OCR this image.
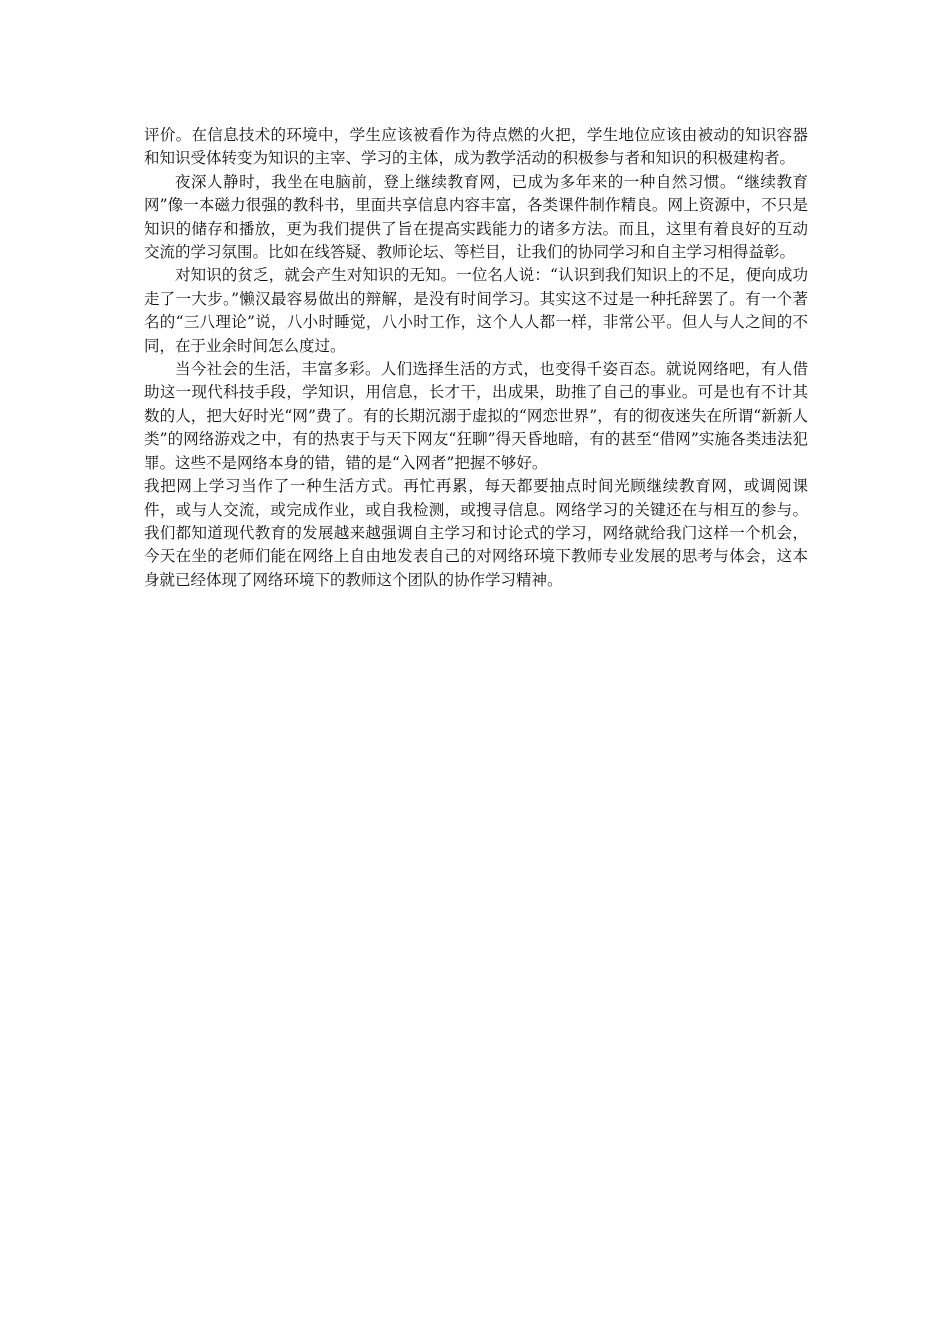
评价。在信息技术的环境中，学生应该被看作为待点燃的火把，学生地位应该由被动的知识容器和知识受体转变为知识的主宰、学习的主体，成为教学活动的积极参与者和知识的积极建构者。

夜深人静时，我坐在电脑前，登上继续教育网，已成为多年来的一种自然习惯。“继续教育网”像一本磁力很强的教科书，里面共享信息内容丰富，各类课件制作精良。网上资源中，不只是知识的储存和播放，更为我们提供了旨在提高实践能力的诸多方法。而且，这里有着良好的互动交流的学习氛围。比如在线答疑、教师论坛、等栏目，让我们的协同学习和自主学习相得益彰。

对知识的贫乏，就会产生对知识的无知。一位名人说：“认识到我们知识上的不足，便向成功走了一大步。”懒汉最容易做出的辩解，是没有时间学习。其实这不过是一种托辞罢了。有一个著名的“三八理论”说，八小时睡觉，八小时工作，这个人人都一样，非常公平。但人与人之间的不同，在于业余时间怎么度过。

当今社会的生活，丰富多彩。人们选择生活的方式，也变得千姿百态。就说网络吧，有人借助这一现代科技手段，学知识，用信息，长才干，出成果，助推了自己的事业。可是也有不计其数的人，把大好时光“网”费了。有的长期沉溺于虚拟的“网恋世界”，有的彻夜迷失在所谓“新新人类”的网络游戏之中，有的热衷于与天下网友“狂聊”得天昏地暗，有的甚至“借网”实施各类违法犯罪。这些不是网络本身的错，错的是“入网者”把握不够好。

我把网上学习当作了一种生活方式。再忙再累，每天都要抽点时间光顾继续教育网，或调阅课件，或与人交流，或完成作业，或自我检测，或搜寻信息。网络学习的关键还在与相互的参与。我们都知道现代教育的发展越来越强调自主学习和讨论式的学习，网络就给我门这样一个机会，今天在坐的老师们能在网络上自由地发表自己的对网络环境下教师专业发展的思考与体会，这本身就已经体现了网络环境下的教师这个团队的协作学习精神。
